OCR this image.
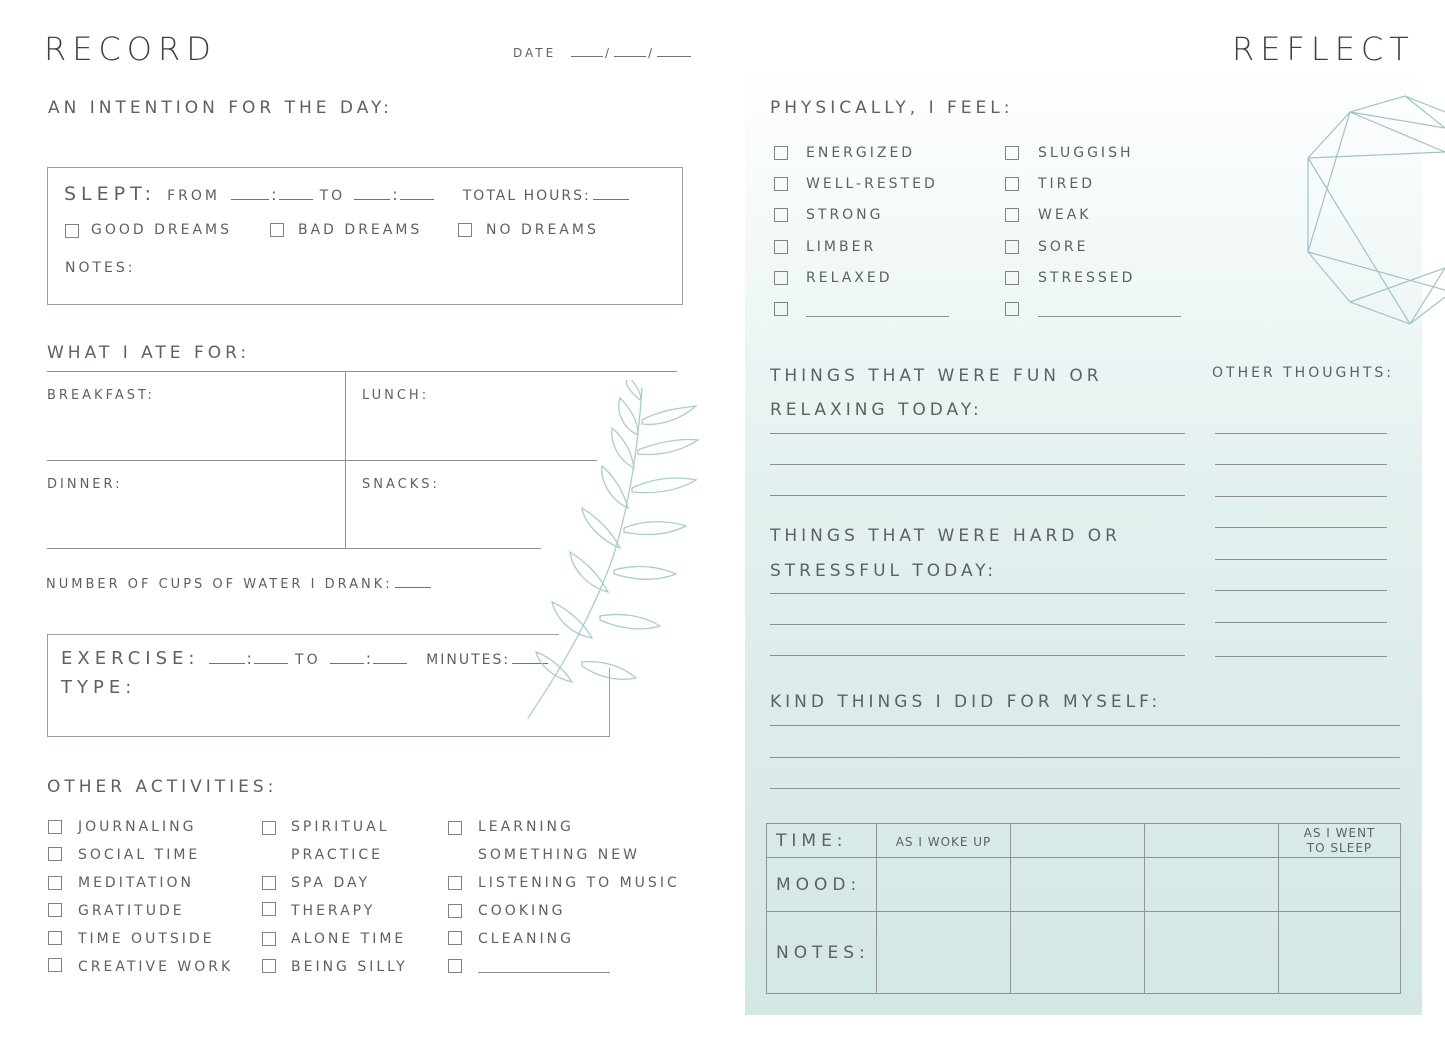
RECORD	DATE	/	/
AN INTENTION FOR THE DAY:
SLEPT: FROM	:	TO	:	TOTAL HOURS:
GOOD DREAMS	BAD DREAMS	NO DREAMS
NOTES:
WHAT I ATE FOR:
BREAKFAST:	LUNCH:
DINNER:	SNACKS:
NUMBER OF CUPS OF WATER I DRANK:
EXERCISE:	:	TO	:	MINUTES:
TYPE:
OTHER ACTIVITIES:
JOURNALING
SOCIAL TIME
MEDITATION
GRATITUDE
TIME OUTSIDE
CREATIVE WORK
SPIRITUAL
PRACTICE
SPA DAY
THERAPY
ALONE TIME
BEING SILLY
LEARNING
SOMETHING NEW
LISTENING TO MUSIC
COOKING
CLEANING
REFLECT
PHYSICALLY, I FEEL:
ENERGIZED
WELL-RESTED
STRONG
LIMBER
RELAXED
SLUGGISH
TIRED
WEAK
SORE
STRESSED
THINGS THAT WERE FUN OR
RELAXING TODAY:
OTHER THOUGHTS:
THINGS THAT WERE HARD OR
STRESSFUL TODAY:
KIND THINGS I DID FOR MYSELF:
TIME:	AS I WOKE UP			AS I WENT
TO SLEEP

MOOD:				
NOTES:				
